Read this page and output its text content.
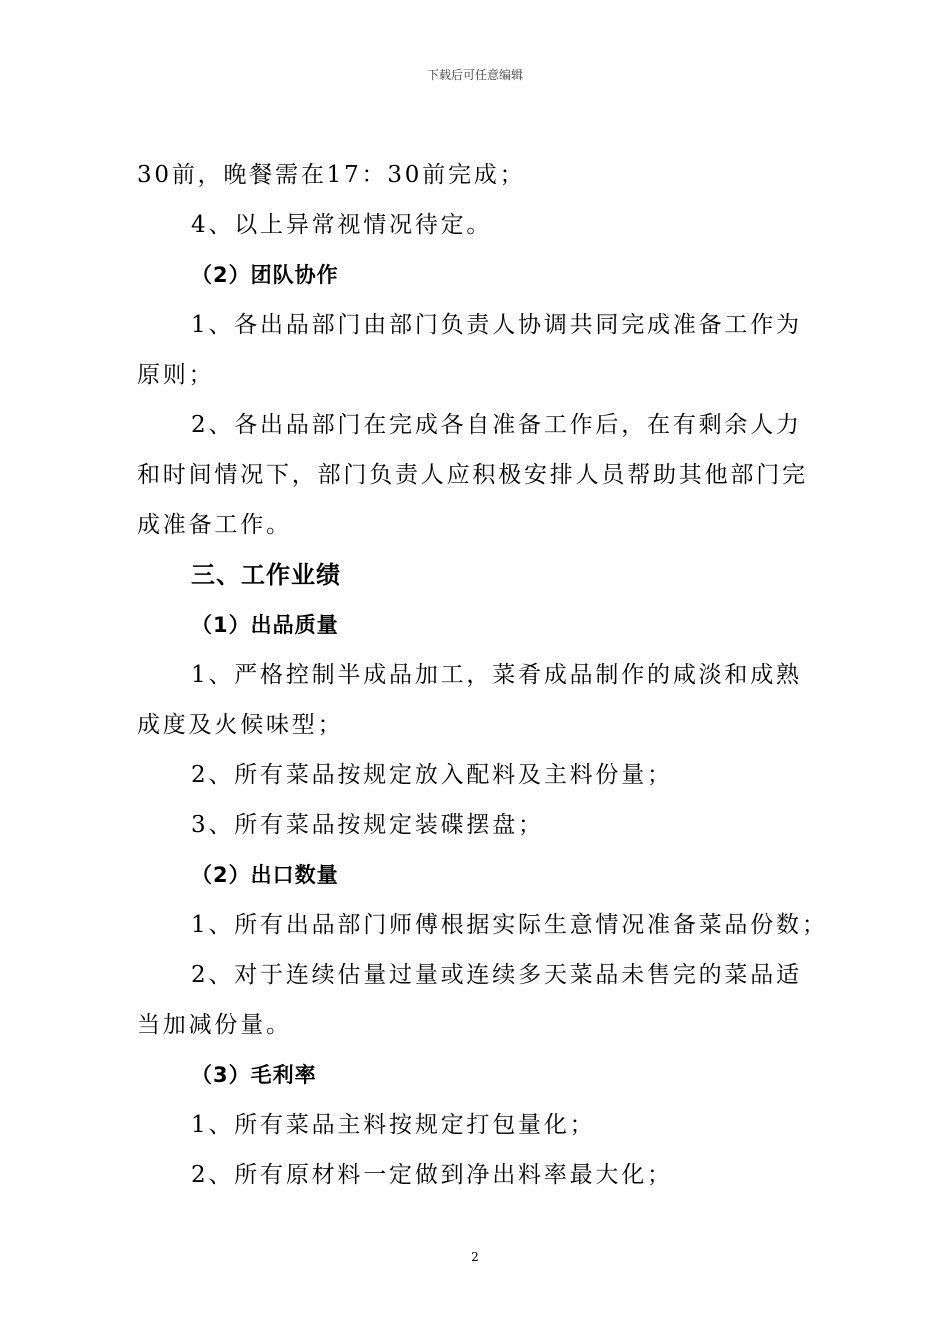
下载后可任意编辑

30前，晚餐需在17：30前完成；

4、以上异常视情况待定。

（2）团队协作

1、各出品部门由部门负责人协调共同完成准备工作为原则；

2、各出品部门在完成各自准备工作后，在有剩余人力和时间情况下，部门负责人应积极安排人员帮助其他部门完成准备工作。

三、工作业绩

（1）出品质量

1、严格控制半成品加工，菜肴成品制作的咸淡和成熟成度及火候味型；

2、所有菜品按规定放入配料及主料份量；

3、所有菜品按规定装碟摆盘；

（2）出口数量

1、所有出品部门师傅根据实际生意情况准备菜品份数；

2、对于连续估量过量或连续多天菜品未售完的菜品适当加减份量。

（3）毛利率

1、所有菜品主料按规定打包量化；

2、所有原材料一定做到净出料率最大化；

2
